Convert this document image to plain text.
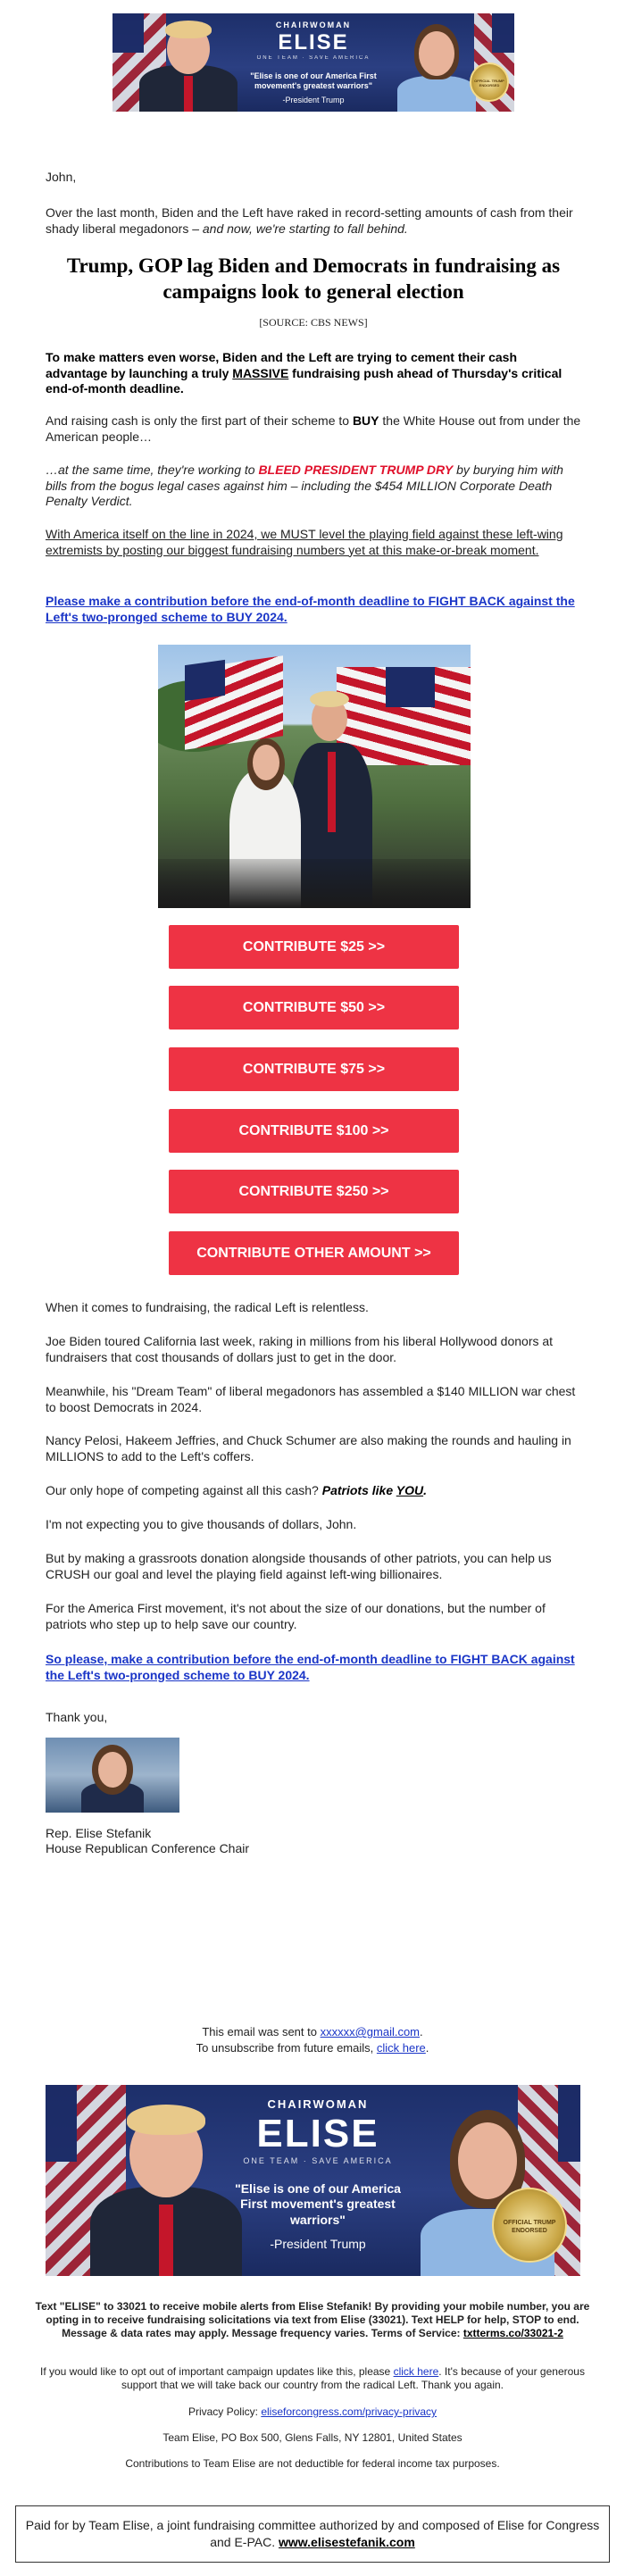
CHAIRWOMAN
ELISE
ONE TEAM · SAVE AMERICA
"Elise is one of our America First movement's greatest warriors"
-President Trump
OFFICIAL TRUMP ENDORSED
John,
Over the last month, Biden and the Left have raked in record-setting amounts of cash from their shady liberal megadonors – and now, we're starting to fall behind.
Trump, GOP lag Biden and Democrats in fundraising as campaigns look to general election
[SOURCE: CBS NEWS]
To make matters even worse, Biden and the Left are trying to cement their cash advantage by launching a truly MASSIVE fundraising push ahead of Thursday's critical end-of-month deadline.
And raising cash is only the first part of their scheme to BUY the White House out from under the American people…
…at the same time, they're working to BLEED PRESIDENT TRUMP DRY by burying him with bills from the bogus legal cases against him – including the $454 MILLION Corporate Death Penalty Verdict.
With America itself on the line in 2024, we MUST level the playing field against these left-wing extremists by posting our biggest fundraising numbers yet at this make-or-break moment.
Please make a contribution before the end-of-month deadline to FIGHT BACK against the Left's two-pronged scheme to BUY 2024.
CONTRIBUTE $25 >>
CONTRIBUTE $50 >>
CONTRIBUTE $75 >>
CONTRIBUTE $100 >>
CONTRIBUTE $250 >>
CONTRIBUTE OTHER AMOUNT >>
When it comes to fundraising, the radical Left is relentless.
Joe Biden toured California last week, raking in millions from his liberal Hollywood donors at fundraisers that cost thousands of dollars just to get in the door.
Meanwhile, his "Dream Team" of liberal megadonors has assembled a $140 MILLION war chest to boost Democrats in 2024.
Nancy Pelosi, Hakeem Jeffries, and Chuck Schumer are also making the rounds and hauling in MILLIONS to add to the Left's coffers.
Our only hope of competing against all this cash? Patriots like YOU.
I'm not expecting you to give thousands of dollars, John.
But by making a grassroots donation alongside thousands of other patriots, you can help us CRUSH our goal and level the playing field against left-wing billionaires.
For the America First movement, it's not about the size of our donations, but the number of patriots who step up to help save our country.
So please, make a contribution before the end-of-month deadline to FIGHT BACK against the Left's two-pronged scheme to BUY 2024.
Thank you,
Rep. Elise Stefanik
House Republican Conference Chair
This email was sent to xxxxxx@gmail.com.
To unsubscribe from future emails, click here.
CHAIRWOMAN
ELISE
ONE TEAM · SAVE AMERICA
"Elise is one of our America First movement's greatest warriors"
-President Trump
OFFICIAL TRUMP ENDORSED
Text "ELISE" to 33021 to receive mobile alerts from Elise Stefanik! By providing your mobile number, you are opting in to receive fundraising solicitations via text from Elise (33021). Text HELP for help, STOP to end. Message & data rates may apply. Message frequency varies. Terms of Service: txtterms.co/33021-2
If you would like to opt out of important campaign updates like this, please click here. It's because of your generous support that we will take back our country from the radical Left. Thank you again.
Privacy Policy: eliseforcongress.com/privacy-privacy
Team Elise, PO Box 500, Glens Falls, NY 12801, United States
Contributions to Team Elise are not deductible for federal income tax purposes.
Paid for by Team Elise, a joint fundraising committee authorized by and composed of Elise for Congress and E-PAC. www.elisestefanik.com
